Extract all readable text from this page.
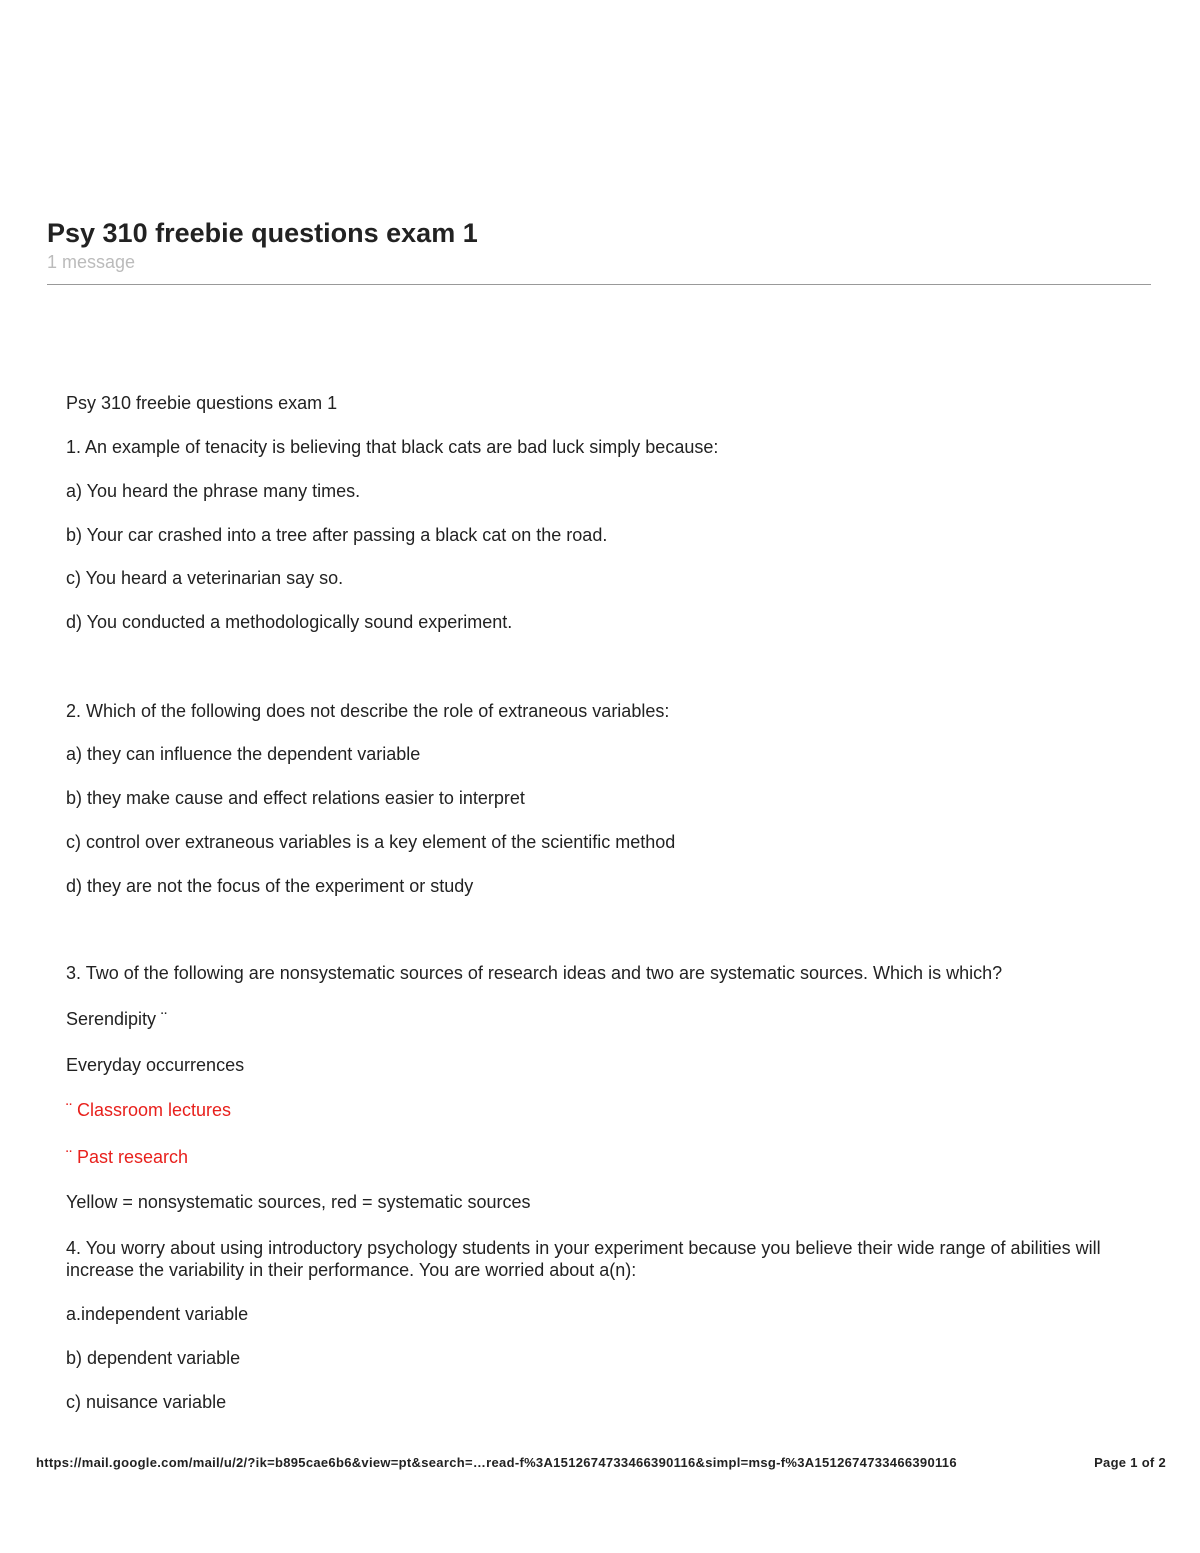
Psy 310 freebie questions exam 1
1 message
Psy 310 freebie questions exam 1
1. An example of tenacity is believing that black cats are bad luck simply because:
a) You heard the phrase many times.
b) Your car crashed into a tree after passing a black cat on the road.
c) You heard a veterinarian say so.
d) You conducted a methodologically sound experiment.
2. Which of the following does not describe the role of extraneous variables:
a) they can influence the dependent variable
b) they make cause and effect relations easier to interpret
c) control over extraneous variables is a key element of the scientific method
d) they are not the focus of the experiment or study
3. Two of the following are nonsystematic sources of research ideas and two are systematic sources. Which is which?
Serendipity ¨
Everyday occurrences
¨ Classroom lectures
¨ Past research
Yellow = nonsystematic sources, red = systematic sources
4. You worry about using introductory psychology students in your experiment because you believe their wide range of abilities will increase the variability in their performance. You are worried about a(n):
a.independent variable
b) dependent variable
c) nuisance variable
https://mail.google.com/mail/u/2/?ik=b895cae6b6&view=pt&search=…read-f%3A1512674733466390116&simpl=msg-f%3A1512674733466390116	Page 1 of 2
